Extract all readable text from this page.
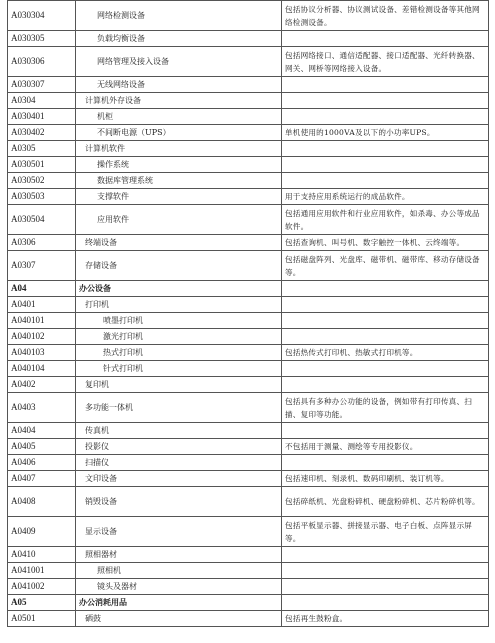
A030304	网络检测设备	包括协议分析器、协议测试设备、差错检测设备等其他网络检测设备。
A030305	负载均衡设备	
A030306	网络管理及接入设备	包括网络接口、通信适配器、接口适配器、光纤转换器、网关、网桥等网络接入设备。
A030307	无线网络设备	
A0304	计算机外存设备	
A030401	机柜	
A030402	不间断电源（UPS）	单机使用的1000VA及以下的小功率UPS。
A0305	计算机软件	
A030501	操作系统	
A030502	数据库管理系统	
A030503	支撑软件	用于支持应用系统运行的成品软件。
A030504	应用软件	包括通用应用软件和行业应用软件，如杀毒、办公等成品软件。
A0306	终端设备	包括查询机、叫号机、数字触控一体机、云终端等。
A0307	存储设备	包括磁盘阵列、光盘库、磁带机、磁带库、移动存储设备等。
A04	办公设备	
A0401	打印机	
A040101	喷墨打印机	
A040102	激光打印机	
A040103	热式打印机	包括热传式打印机、热敏式打印机等。
A040104	针式打印机	
A0402	复印机	
A0403	多功能一体机	包括具有多种办公功能的设备，例如带有打印传真、扫描、复印等功能。
A0404	传真机	
A0405	投影仪	不包括用于测量、测绘等专用投影仪。
A0406	扫描仪	
A0407	文印设备	包括速印机、刻录机、数码印刷机、装订机等。
A0408	销毁设备	包括碎纸机、光盘粉碎机、硬盘粉碎机、芯片粉碎机等。
A0409	显示设备	包括平板显示器、拼接显示器、电子白板、点阵显示屏等。
A0410	照相器材	
A041001	照相机	
A041002	镜头及器材	
A05	办公消耗用品	
A0501	硒鼓	包括再生鼓粉盒。
